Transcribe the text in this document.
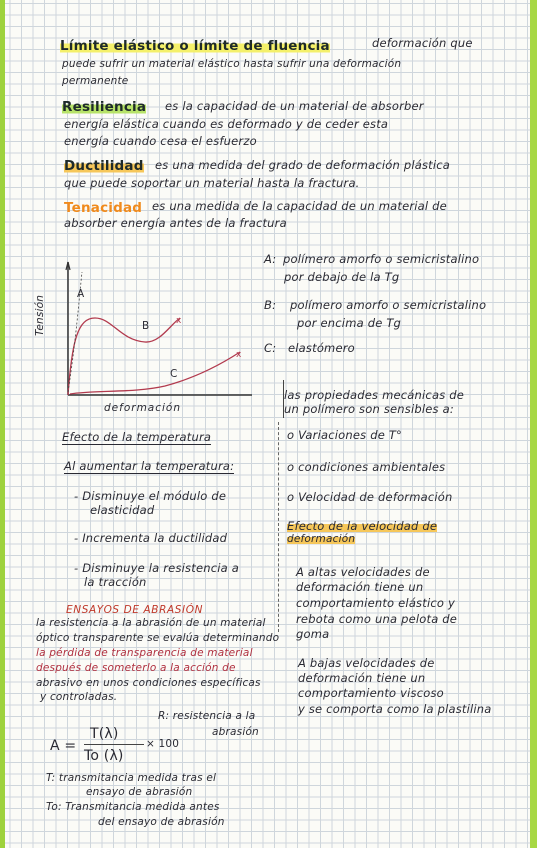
Límite elástico o límite de fluencia	deformación que
puede sufrir un material elástico hasta sufrir una deformación
permanente
Resiliencia es la capacidad de un material de absorber
energía elástica cuando es deformado y de ceder esta
energía cuando cesa el esfuerzo
Ductilidad es una medida del grado de deformación plástica
que puede soportar un material hasta la fractura.
Tenacidad es una medida de la capacidad de un material de
absorber energía antes de la fractura
x
x
A
B
C
Tensión
deformación
A: polímero amorfo o semicristalino
por debajo de la Tg
B: polímero amorfo o semicristalino
por encima de Tg
C: elastómero
las propiedades mecánicas de
un polímero son sensibles a:
Efecto de la temperatura
Al aumentar la temperatura:
- Disminuye el módulo de
elasticidad
- Incrementa la ductilidad
- Disminuye la resistencia a
la tracción
o Variaciones de T°
o condiciones ambientales
o Velocidad de deformación
Efecto de la velocidad de
deformación
A altas velocidades de
deformación tiene un
comportamiento elástico y
rebota como una pelota de
goma
A bajas velocidades de
deformación tiene un
comportamiento viscoso
y se comporta como la plastilina
ENSAYOS DE ABRASIÓN
la resistencia a la abrasión de un material
óptico transparente se evalúa determinando
la pérdida de transparencia de material
después de someterlo a la acción de
abrasivo en unos condiciones específicas
y controladas.
R: resistencia a la
abrasión
A =
T(λ)
To (λ)
× 100
T: transmitancia medida tras el
ensayo de abrasión
To: Transmitancia medida antes
del ensayo de abrasión
